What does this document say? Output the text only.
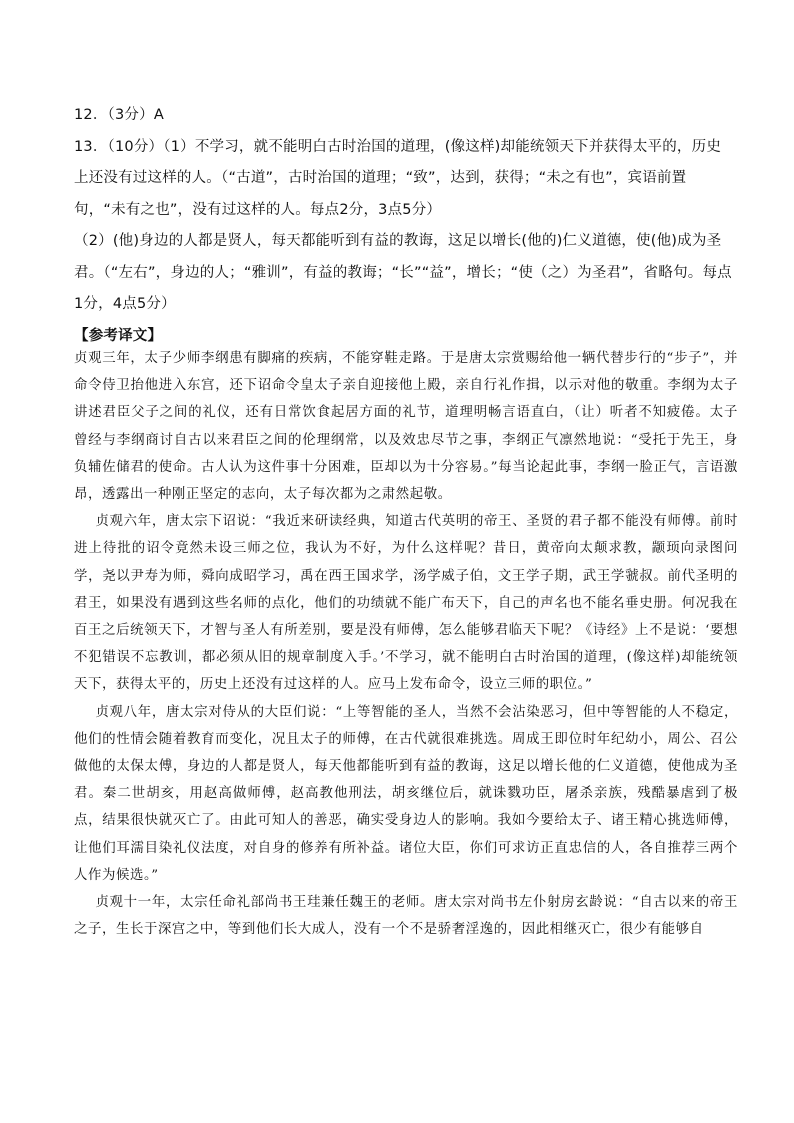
12．（3分）A

13．（10分）（1）不学习，就不能明白古时治国的道理，(像这样)却能统领天下并获得太平的，历史上还没有过这样的人。（“古道”，古时治国的道理；“致”，达到，获得；“未之有也”，宾语前置句，“未有之也”，没有过这样的人。每点2分，3点5分）

（2）(他)身边的人都是贤人，每天都能听到有益的教诲，这足以增长(他的)仁义道德，使(他)成为圣君。（“左右”，身边的人；“雅训”，有益的教诲；“长”“益”，增长；“使（之）为圣君”，省略句。每点1分，4点5分）

【参考译文】

贞观三年，太子少师李纲患有脚痛的疾病，不能穿鞋走路。于是唐太宗赏赐给他一辆代替步行的“步子”，并命令侍卫抬他进入东宫，还下诏命令皇太子亲自迎接他上殿，亲自行礼作揖，以示对他的敬重。李纲为太子讲述君臣父子之间的礼仪，还有日常饮食起居方面的礼节，道理明畅言语直白，（让）听者不知疲倦。太子曾经与李纲商讨自古以来君臣之间的伦理纲常，以及效忠尽节之事，李纲正气凛然地说：“受托于先王，身负辅佐储君的使命。古人认为这件事十分困难，臣却以为十分容易。”每当论起此事，李纲一脸正气，言语激昂，透露出一种刚正坚定的志向，太子每次都为之肃然起敬。

贞观六年，唐太宗下诏说：“我近来研读经典，知道古代英明的帝王、圣贤的君子都不能没有师傅。前时进上待批的诏令竟然未设三师之位，我认为不好，为什么这样呢？昔日，黄帝向太颠求教，颛顼向录图问学，尧以尹寿为师，舜向成昭学习，禹在西王国求学，汤学威子伯，文王学子期，武王学虢叔。前代圣明的君王，如果没有遇到这些名师的点化，他们的功绩就不能广布天下，自己的声名也不能名垂史册。何况我在百王之后统领天下，才智与圣人有所差别，要是没有师傅，怎么能够君临天下呢？《诗经》上不是说：‘要想不犯错误不忘教训，都必须从旧的规章制度入手。’不学习，就不能明白古时治国的道理，(像这样)却能统领天下，获得太平的，历史上还没有过这样的人。应马上发布命令，设立三师的职位。”

贞观八年，唐太宗对侍从的大臣们说：“上等智能的圣人，当然不会沾染恶习，但中等智能的人不稳定，他们的性情会随着教育而变化，况且太子的师傅，在古代就很难挑选。周成王即位时年纪幼小，周公、召公做他的太保太傅，身边的人都是贤人，每天他都能听到有益的教诲，这足以增长他的仁义道德，使他成为圣君。秦二世胡亥，用赵高做师傅，赵高教他刑法，胡亥继位后，就诛戮功臣，屠杀亲族，残酷暴虐到了极点，结果很快就灭亡了。由此可知人的善恶，确实受身边人的影响。我如今要给太子、诸王精心挑选师傅，让他们耳濡目染礼仪法度，对自身的修养有所补益。诸位大臣，你们可求访正直忠信的人，各自推荐三两个人作为候选。”

贞观十一年，太宗任命礼部尚书王珪兼任魏王的老师。唐太宗对尚书左仆射房玄龄说：“自古以来的帝王之子，生长于深宫之中，等到他们长大成人，没有一个不是骄奢淫逸的，因此相继灭亡，很少有能够自
